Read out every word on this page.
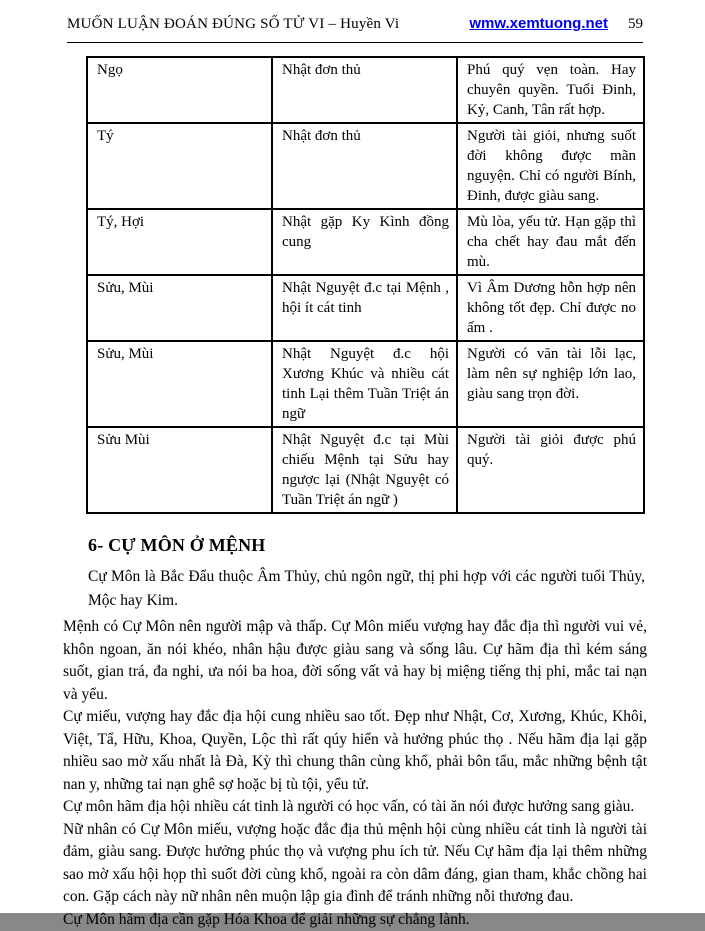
MUỐN LUẬN ĐOÁN ĐÚNG SỐ TỬ VI – Huyền Vi	wmw.xemtuong.net 59
Ngọ	Nhật đơn thủ	Phú quý vẹn toàn. Hay chuyên quyền. Tuổi Đinh, Kỷ, Canh, Tân rất hợp.
Tý	Nhật đơn thủ	Người tài giỏi, nhưng suốt đời không được mãn nguyện. Chỉ có người Bính, Đinh, được giàu sang.
Tý, Hợi	Nhật gặp Ky Kình đồng cung	Mù lòa, yếu tử. Hạn gặp thì cha chết hay đau mắt đến mù.
Sửu, Mùi	Nhật Nguyệt đ.c tại Mệnh , hội ít cát tinh	Vì Âm Dương hỗn hợp nên không tốt đẹp. Chỉ được no ấm .
Sửu, Mùi	Nhật Nguyệt đ.c hội Xương Khúc và nhiều cát tinh Lại thêm Tuần Triệt án ngữ	Người có văn tài lỗi lạc, làm nên sự nghiệp lớn lao, giàu sang trọn đời.
Sửu Mùi	Nhật Nguyệt đ.c tại Mùi chiếu Mệnh tại Sửu hay ngược lại (Nhật Nguyệt có Tuần Triệt án ngữ )	Người tài giỏi được phú quý.
6- CỰ MÔN Ở MỆNH

Cự Môn là Bắc Đẩu thuộc Âm Thủy, chủ ngôn ngữ, thị phi hợp với các người tuổi Thủy, Mộc hay Kim.

Mệnh có Cự Môn nên người mập và thấp. Cự Môn miếu vượng hay đắc địa thì người vui vẻ, khôn ngoan, ăn nói khéo, nhân hậu được giàu sang và sống lâu. Cự hãm địa thì kém sáng suốt, gian trá, đa nghi, ưa nói ba hoa, đời sống vất vả hay bị miệng tiếng thị phi, mắc tai nạn và yểu.

Cự miếu, vượng hay đắc địa hội cung nhiều sao tốt. Đẹp như Nhật, Cơ, Xương, Khúc, Khôi, Việt, Tẩ, Hữu, Khoa, Quyền, Lộc thì rất qúy hiển và hưởng phúc thọ . Nếu hãm địa lại gặp nhiều sao mờ xấu nhất là Đà, Kỳ thì chung thân cùng khổ, phải bôn tẩu, mắc những bệnh tật nan y, những tai nạn ghê sợ hoặc bị tù tội, yểu tử.

Cự môn hãm địa hội nhiều cát tinh là người có học vấn, có tài ăn nói được hưởng sang giàu.

Nữ nhân có Cự Môn miếu, vượng hoặc đắc địa thủ mệnh hội cùng nhiều cát tinh là người tài đảm, giàu sang. Được hưởng phúc thọ và vượng phu ích tử. Nếu Cự hãm địa lại thêm những sao mờ xấu hội họp thì suốt đời cùng khổ, ngoài ra còn dâm đáng, gian tham, khắc chồng hai con. Gặp cách này nữ nhân nên muộn lập gia đình để tránh những nỗi thương đau.

Cự Môn hãm địa cần gặp Hóa Khoa để giải những sự chẳng lành.
